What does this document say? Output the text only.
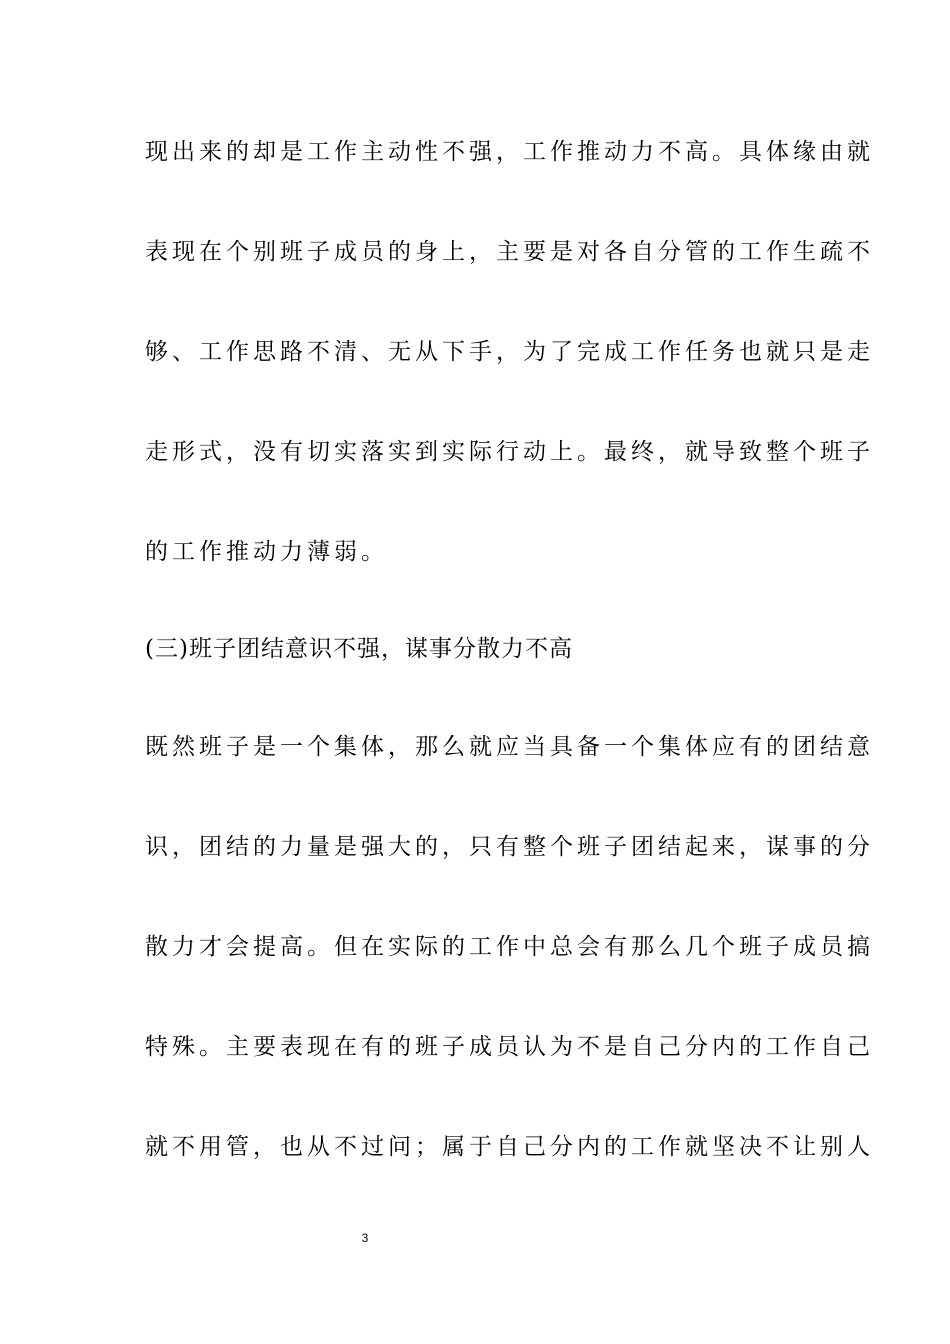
现出来的却是工作主动性不强，工作推动力不高。具体缘由就
表现在个别班子成员的身上，主要是对各自分管的工作生疏不
够、工作思路不清、无从下手，为了完成工作任务也就只是走
走形式，没有切实落实到实际行动上。最终，就导致整个班子
的工作推动力薄弱。
(三)班子团结意识不强，谋事分散力不高
既然班子是一个集体，那么就应当具备一个集体应有的团结意
识，团结的力量是强大的，只有整个班子团结起来，谋事的分
散力才会提高。但在实际的工作中总会有那么几个班子成员搞
特殊。主要表现在有的班子成员认为不是自己分内的工作自己
就不用管，也从不过问；属于自己分内的工作就坚决不让别人
3
